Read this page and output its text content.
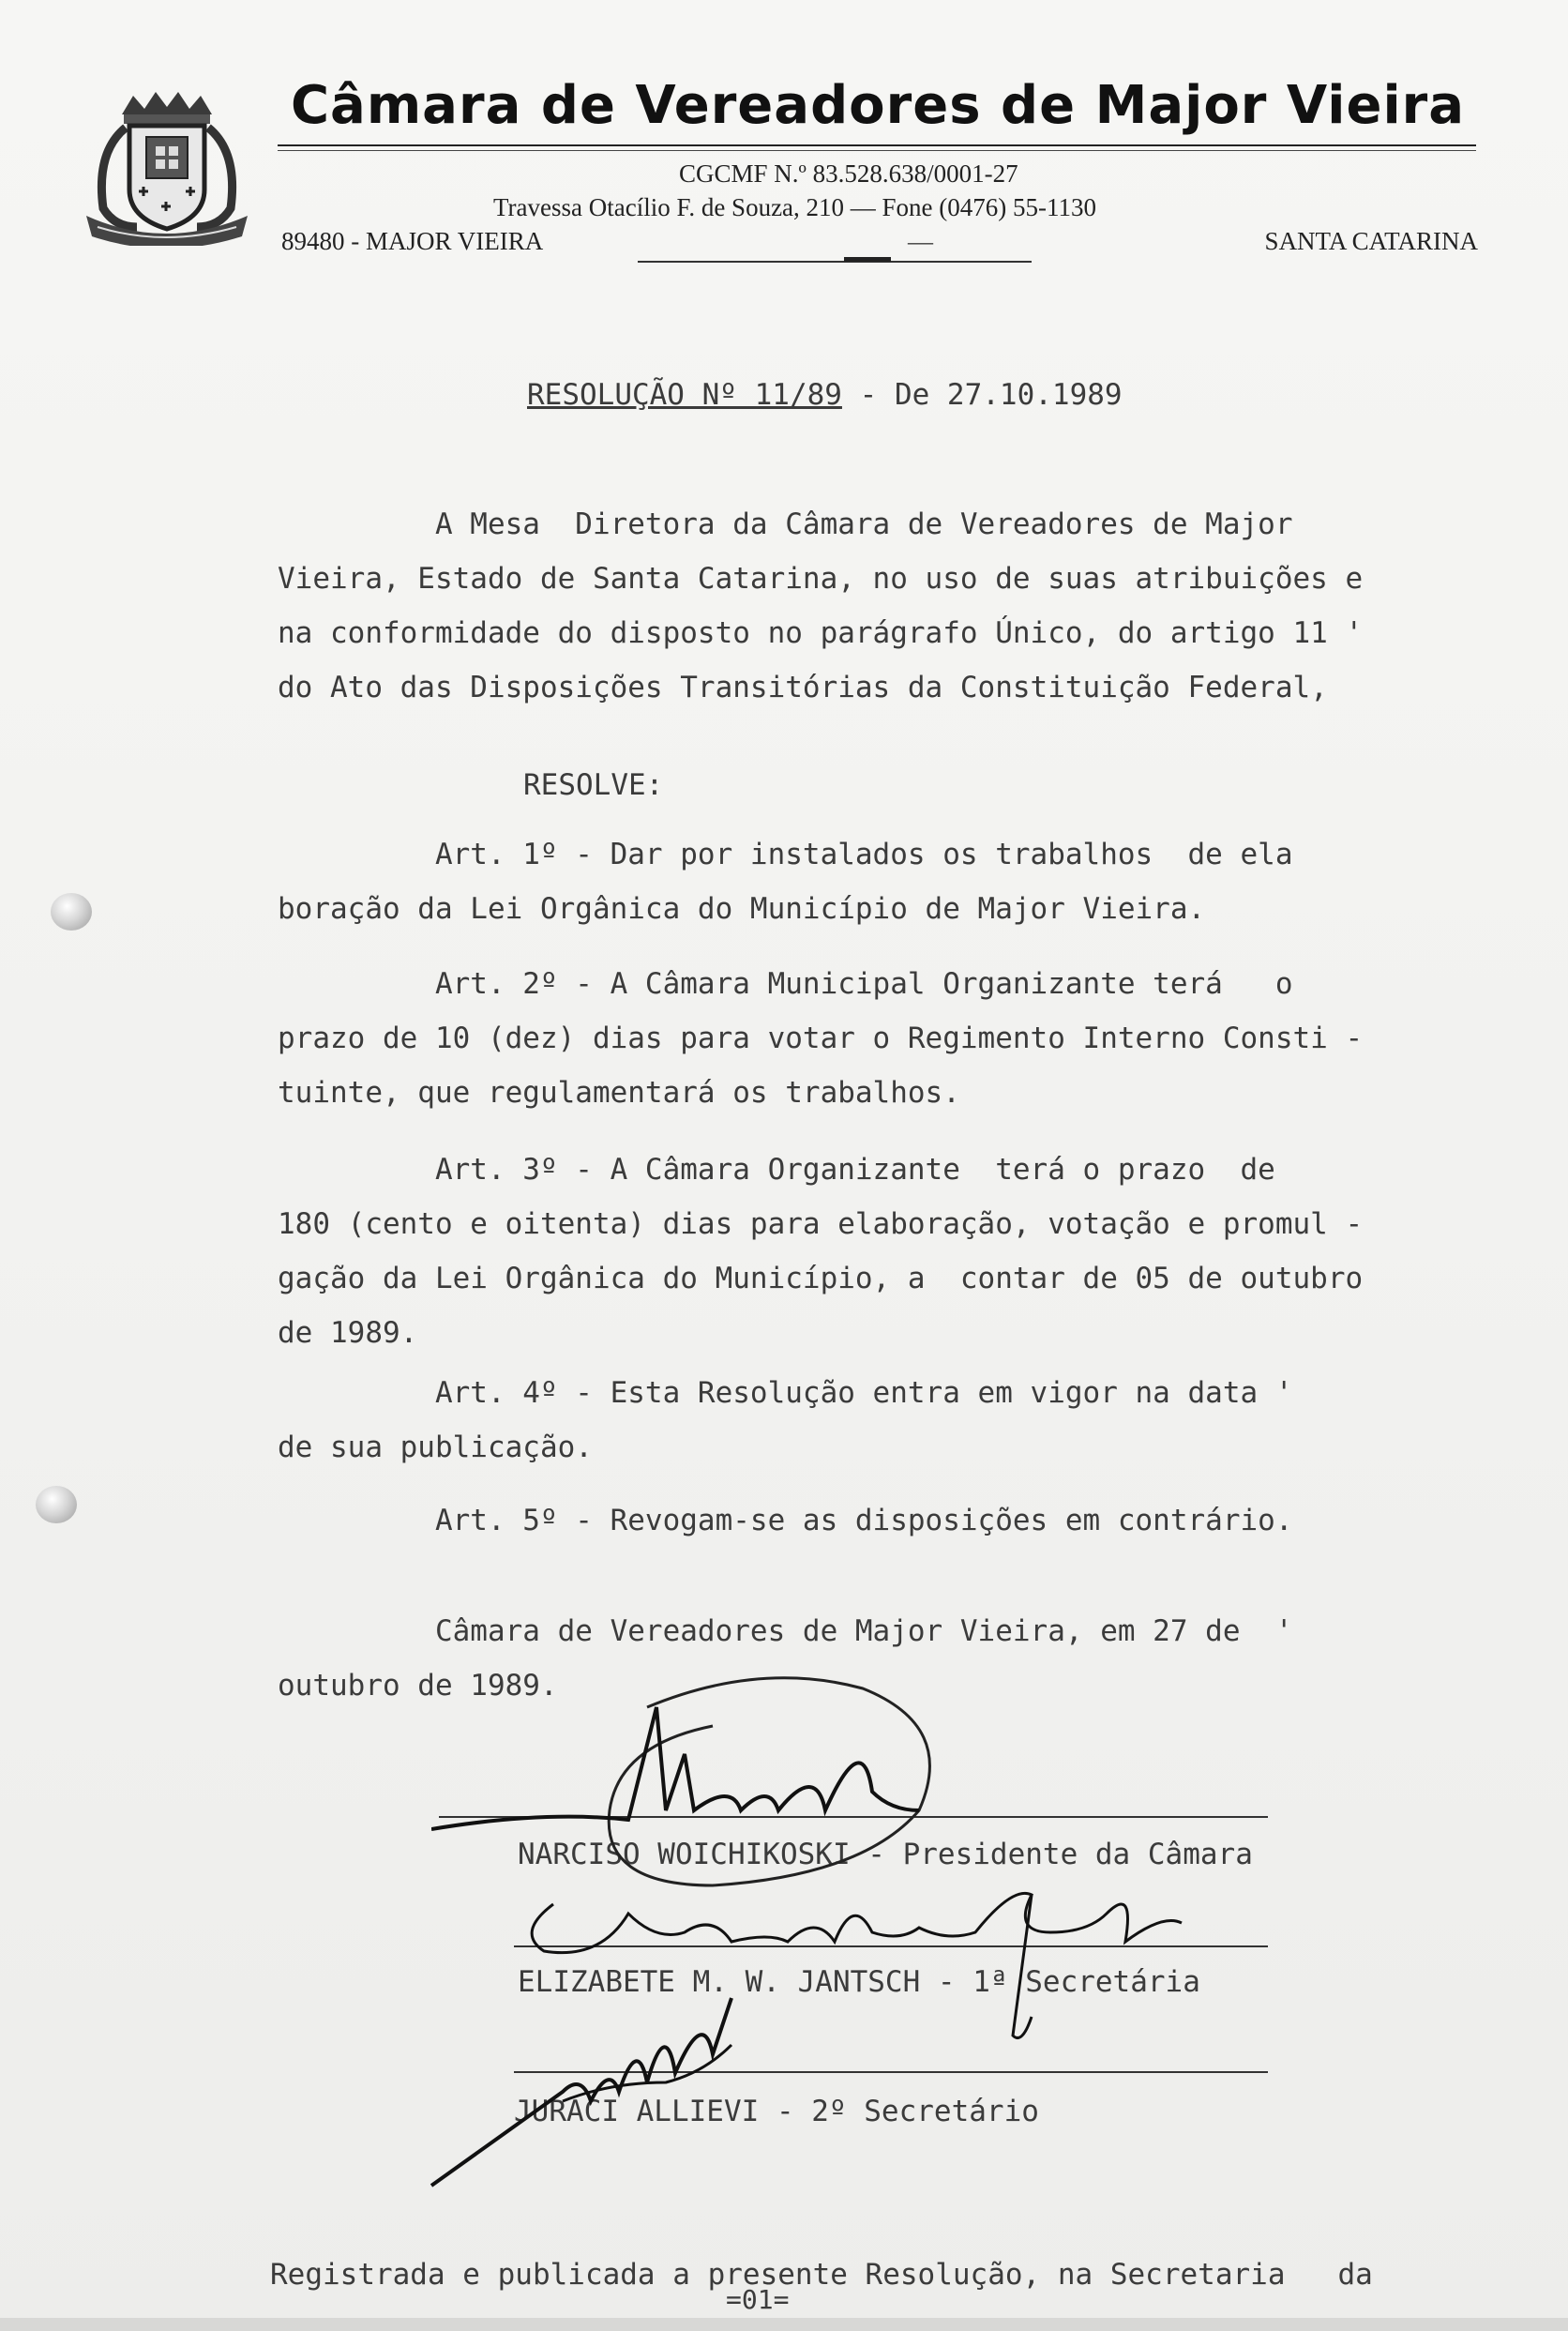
Câmara de Vereadores de Major Vieira
CGCMF N.º 83.528.638/0001-27
Travessa Otacílio F. de Souza, 210 — Fone (0476) 55-1130
89480 - MAJOR VIEIRA	—	SANTA CATARINA
RESOLUÇÃO Nº 11/89 - De 27.10.1989
A Mesa  Diretora da Câmara de Vereadores de Major
Vieira, Estado de Santa Catarina, no uso de suas atribuições e
na conformidade do disposto no parágrafo Único, do artigo 11 '
do Ato das Disposições Transitórias da Constituição Federal,
RESOLVE:
Art. 1º - Dar por instalados os trabalhos  de ela
boração da Lei Orgânica do Município de Major Vieira.
Art. 2º - A Câmara Municipal Organizante terá   o
prazo de 10 (dez) dias para votar o Regimento Interno Consti -
tuinte, que regulamentará os trabalhos.
Art. 3º - A Câmara Organizante  terá o prazo  de
180 (cento e oitenta) dias para elaboração, votação e promul -
gação da Lei Orgânica do Município, a  contar de 05 de outubro
de 1989.
Art. 4º - Esta Resolução entra em vigor na data '
de sua publicação.
Art. 5º - Revogam-se as disposições em contrário.
Câmara de Vereadores de Major Vieira, em 27 de  '
outubro de 1989.
NARCISO WOICHIKOSKI - Presidente da Câmara
ELIZABETE M. W. JANTSCH - 1ª Secretária
JURACI ALLIEVI - 2º Secretário
Registrada e publicada a presente Resolução, na Secretaria   da
=01=
